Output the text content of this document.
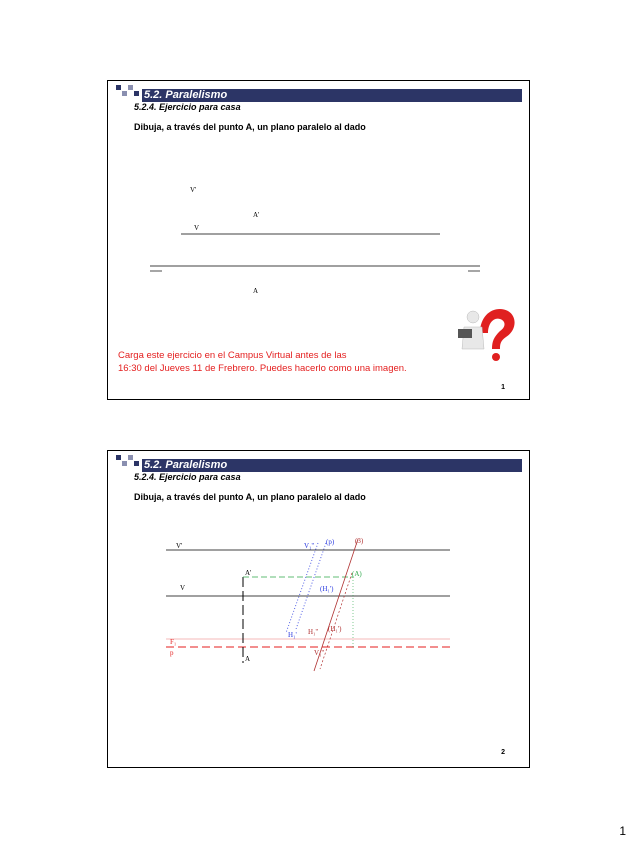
5.2. Paralelismo
5.2.4. Ejercicio para casa
Dibuja, a través del punto A, un plano paralelo al dado
V'
V
A'
A
Carga este ejercicio en el Campus Virtual antes de las
16:30 del Jueves 11 de Frebrero. Puedes hacerlo como una imagen.
1
5.2. Paralelismo
5.2.4. Ejercicio para casa
Dibuja, a través del punto A, un plano paralelo al dado
V'
V
A'
A
V₁'' (p)	(3)
(A)
(H₁')
H₁''
H₁'
(H₁')
V₁''
F₁
p
2
1
